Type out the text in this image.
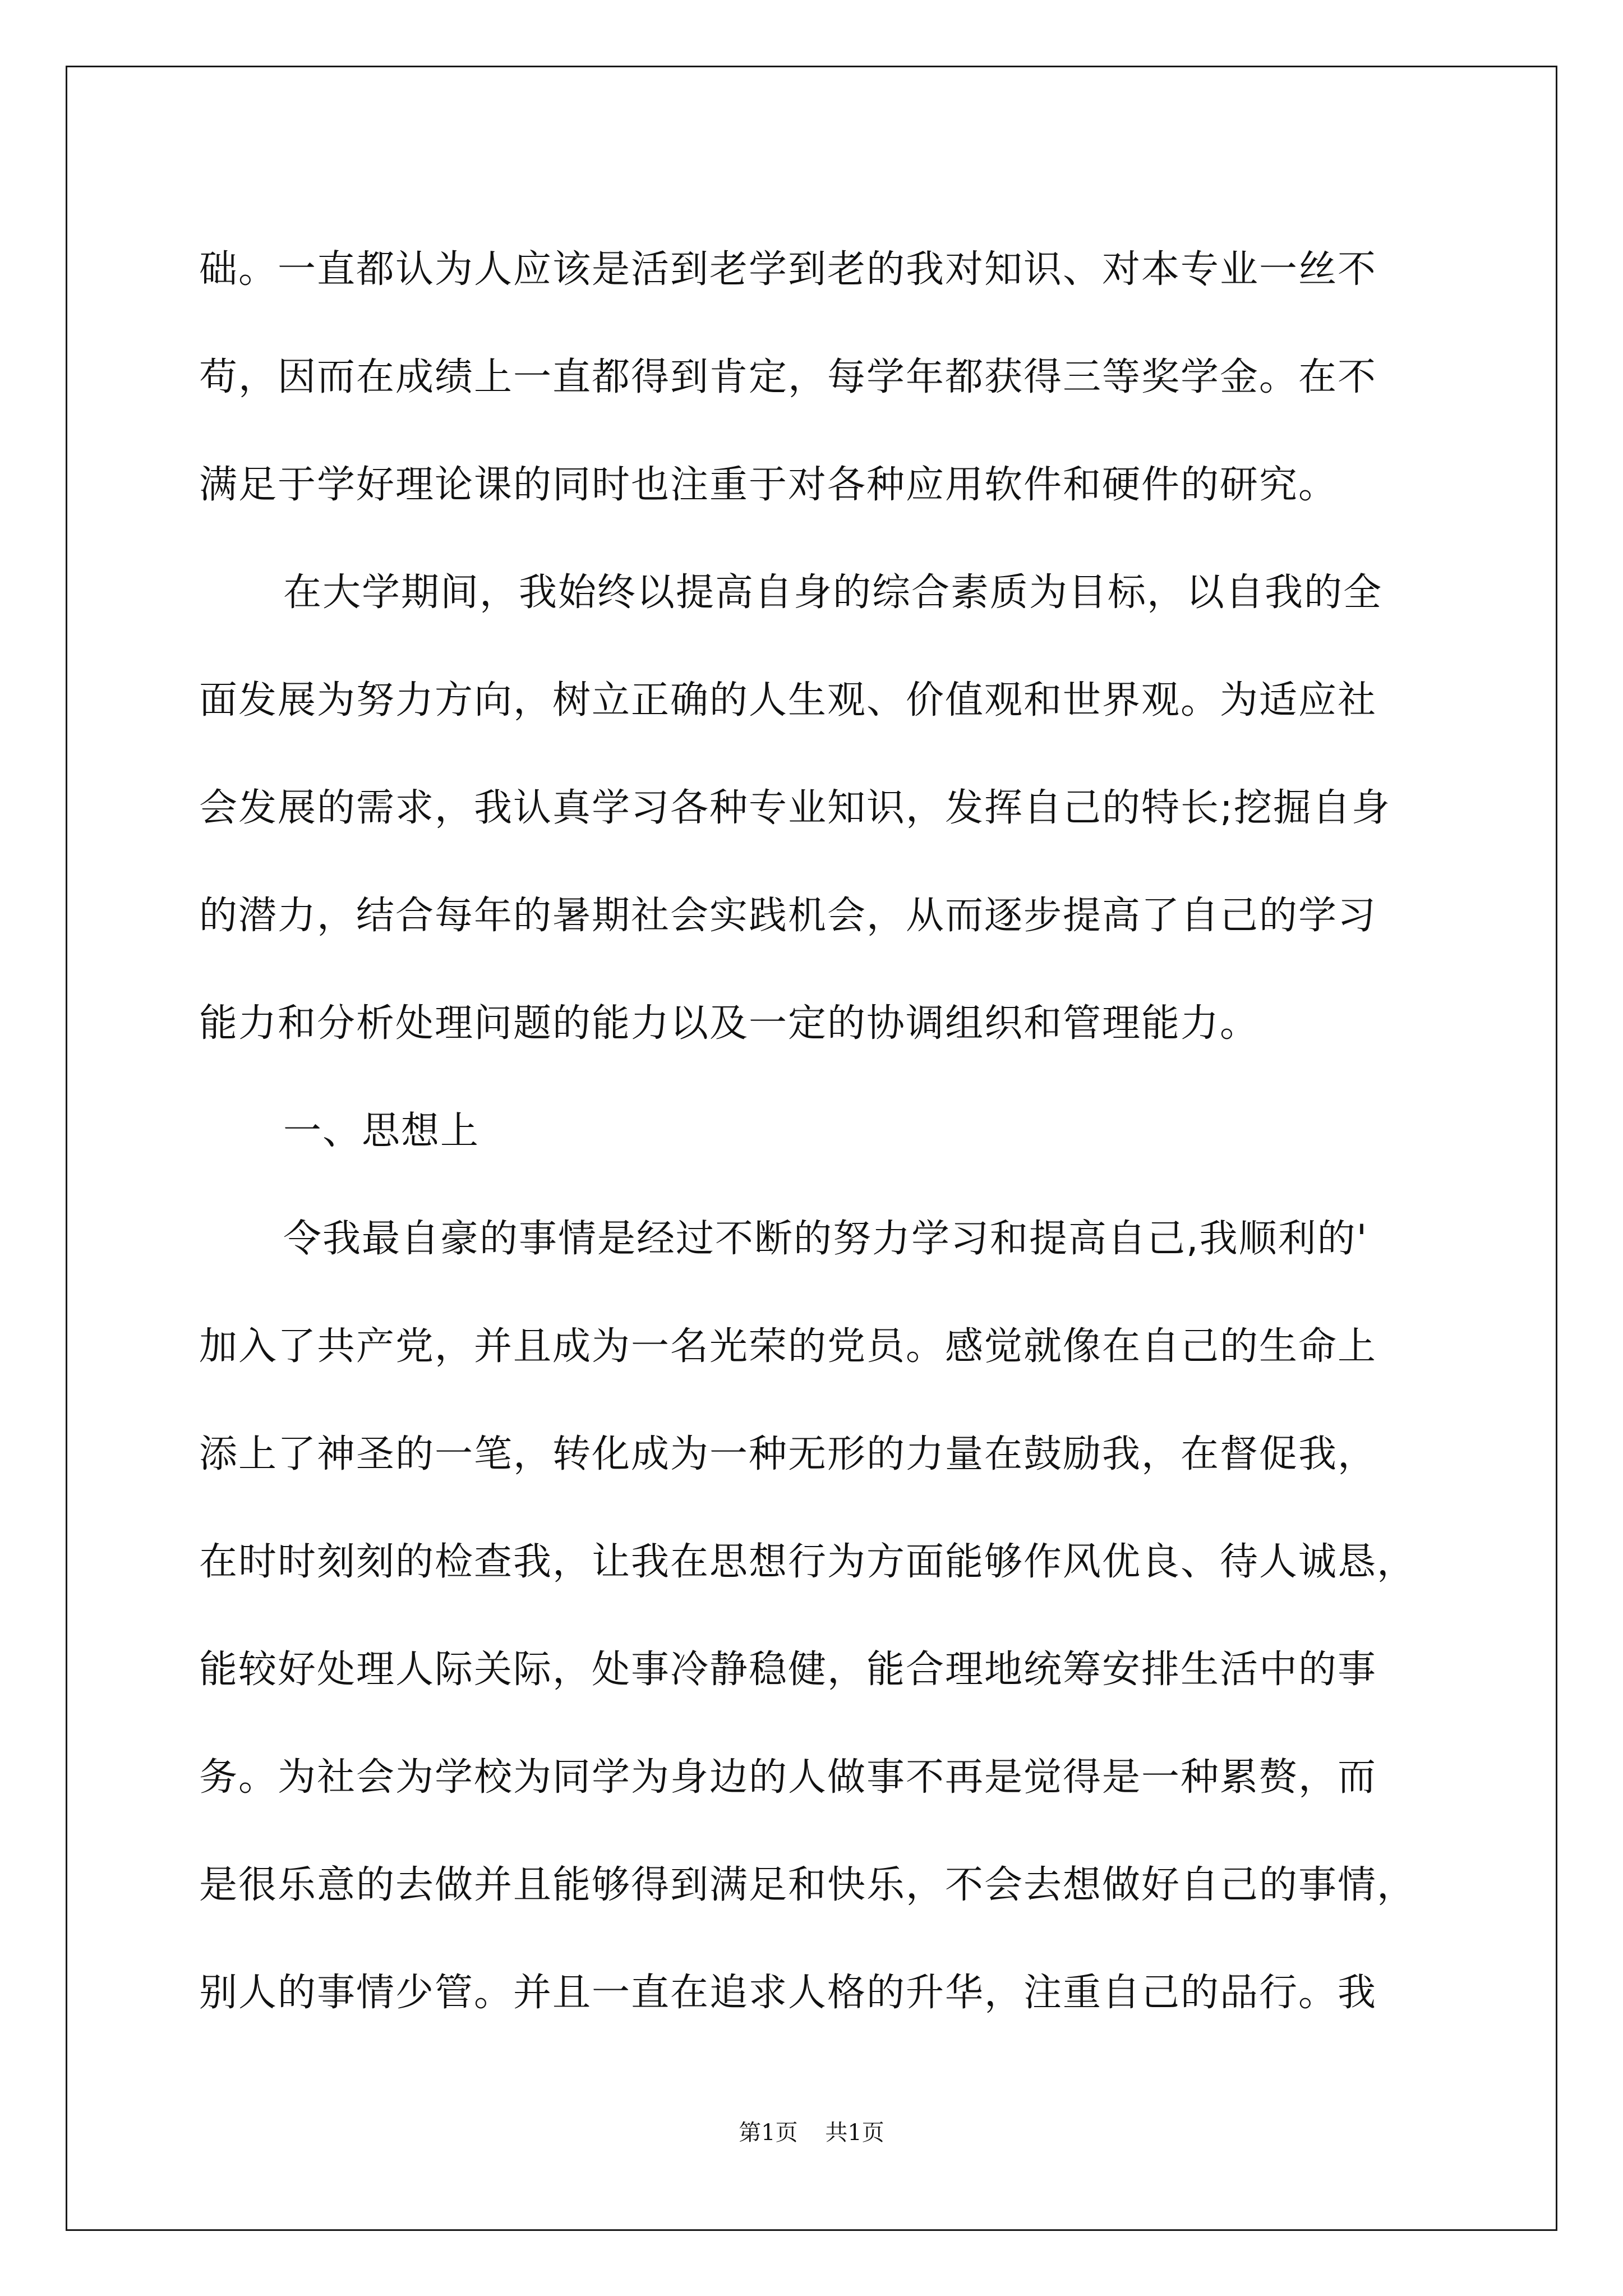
础。一直都认为人应该是活到老学到老的我对知识、对本专业一丝不
苟，因而在成绩上一直都得到肯定，每学年都获得三等奖学金。在不
满足于学好理论课的同时也注重于对各种应用软件和硬件的研究。
在大学期间，我始终以提高自身的综合素质为目标，以自我的全
面发展为努力方向，树立正确的人生观、价值观和世界观。为适应社
会发展的需求，我认真学习各种专业知识，发挥自己的特长;挖掘自身
的潜力，结合每年的暑期社会实践机会，从而逐步提高了自己的学习
能力和分析处理问题的能力以及一定的协调组织和管理能力。
一、思想上
令我最自豪的事情是经过不断的努力学习和提高自己,我顺利的'
加入了共产党，并且成为一名光荣的党员。感觉就像在自己的生命上
添上了神圣的一笔，转化成为一种无形的力量在鼓励我，在督促我，
在时时刻刻的检查我，让我在思想行为方面能够作风优良、待人诚恳，
能较好处理人际关际，处事冷静稳健，能合理地统筹安排生活中的事
务。为社会为学校为同学为身边的人做事不再是觉得是一种累赘，而
是很乐意的去做并且能够得到满足和快乐，不会去想做好自己的事情，
别人的事情少管。并且一直在追求人格的升华，注重自己的品行。我
第1页 共1页
